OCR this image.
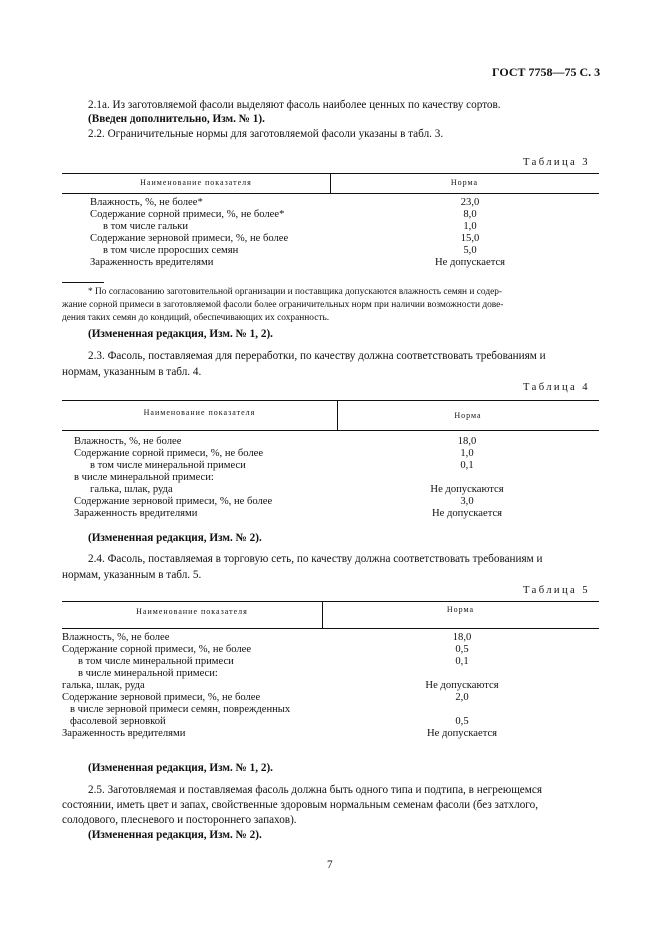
ГОСТ 7758—75 С. 3
2.1а. Из заготовляемой фасоли выделяют фасоль наиболее ценных по качеству сортов.
(Введен дополнительно, Изм. № 1).
2.2. Ограничительные нормы для заготовляемой фасоли указаны в табл. 3.
Таблица 3
Наименование показателя	Норма
Влажность, %, не более*	23,0
Содержание сорной примеси, %, не более*	8,0
в том числе гальки	1,0
Содержание зерновой примеси, %, не более	15,0
в том числе проросших семян	5,0
Зараженность вредителями	Не допускается
* По согласованию заготовительной организации и поставщика допускаются влажность семян и содер-
жание сорной примеси в заготовляемой фасоли более ограничительных норм при наличии возможности дове-
дения таких семян до кондиций, обеспечивающих их сохранность.
(Измененная редакция, Изм. № 1, 2).
2.3. Фасоль, поставляемая для переработки, по качеству должна соответствовать требованиям и
нормам, указанным в табл. 4.
Таблица 4
Наименование показателя	Норма
Влажность, %, не более	18,0
Содержание сорной примеси, %, не более	1,0
в том числе минеральной примеси	0,1
в числе минеральной примеси:
галька, шлак, руда	Не допускаются
Содержание зерновой примеси, %, не более	3,0
Зараженность вредителями	Не допускается
(Измененная редакция, Изм. № 2).
2.4. Фасоль, поставляемая в торговую сеть, по качеству должна соответствовать требованиям и
нормам, указанным в табл. 5.
Таблица 5
Наименование показателя	Норма
Влажность, %, не более	18,0
Содержание сорной примеси, %, не более	0,5
в том числе минеральной примеси	0,1
в числе минеральной примеси:
галька, шлак, руда	Не допускаются
Содержание зерновой примеси, %, не более	2,0
в числе зерновой примеси семян, поврежденных
фасолевой зерновкой	0,5
Зараженность вредителями	Не допускается
(Измененная редакция, Изм. № 1, 2).
2.5. Заготовляемая и поставляемая фасоль должна быть одного типа и подтипа, в негреющемся
состоянии, иметь цвет и запах, свойственные здоровым нормальным семенам фасоли (без затхлого,
солодового, плесневого и постороннего запахов).
(Измененная редакция, Изм. № 2).
7
